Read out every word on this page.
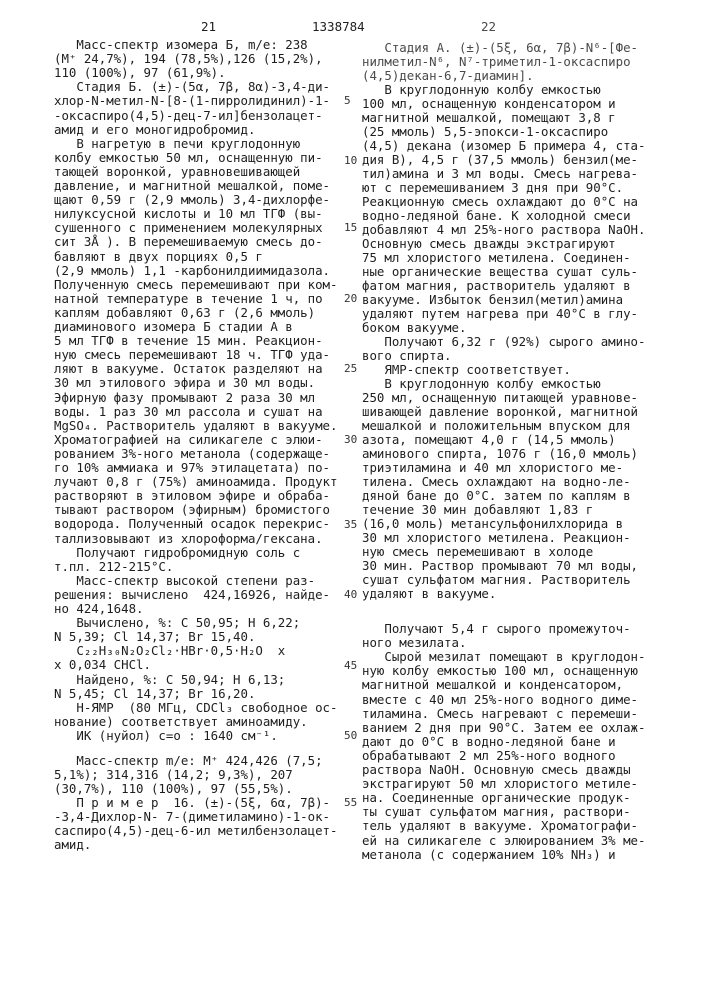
21	1338784	22
Масс-спектр изомера Б, m/e: 238
(M⁺ 24,7%), 194 (78,5%),126 (15,2%),
110 (100%), 97 (61,9%).
Стадия Б. (±)-(5α, 7β, 8α)-3,4-ди-
хлор-N-метил-N-[8-(1-пирролидинил)-1-
-оксаспиро(4,5)-дец-7-ил]бензолацет-
амид и его моногидробромид.
В нагретую в печи круглодонную
колбу емкостью 50 мл, оснащенную пи-
тающей воронкой, уравновешивающей
давление, и магнитной мешалкой, поме-
щают 0,59 г (2,9 ммоль) 3,4-дихлорфе-
нилуксусной кислоты и 10 мл ТГФ (вы-
сушенного с применением молекулярных
сит 3Å ). В перемешиваемую смесь до-
бавляют в двух порциях 0,5 г
(2,9 ммоль) 1,1 -карбонилдиимидазола.
Полученную смесь перемешивают при ком-
натной температуре в течение 1 ч, по
каплям добавляют 0,63 г (2,6 ммоль)
диаминового изомера Б стадии А в
5 мл ТГФ в течение 15 мин. Реакцион-
ную смесь перемешивают 18 ч. ТГФ уда-
ляют в вакууме. Остаток разделяют на
30 мл этилового эфира и 30 мл воды.
Эфирную фазу промывают 2 раза 30 мл
воды. 1 раз 30 мл рассола и сушат на
MgSO₄. Растворитель удаляют в вакууме.
Хроматографией на силикагеле с элюи-
рованием 3%-ного метанола (содержаще-
го 10% аммиака и 97% этилацетата) по-
лучают 0,8 г (75%) аминоамида. Продукт
растворяют в этиловом эфире и обраба-
тывают раствором (эфирным) бромистого
водорода. Полученный осадок перекрис-
таллизовывают из хлороформа/гексана.
Получают гидробромидную соль с
т.пл. 212-215°C.
Масс-спектр высокой степени раз-
решения: вычислено  424,16926, найде-
но 424,1648.
Вычислено, %: C 50,95; H 6,22;
N 5,39; Cl 14,37; Br 15,40.
C₂₂H₃₀N₂O₂Cl₂·HBr·0,5·H₂O  x
x 0,034 CHCl.
Найдено, %: C 50,94; H 6,13;
N 5,45; Cl 14,37; Br 16,20.
H-ЯМР  (80 МГц, CDCl₃ свободное ос-
нование) соответствует аминоамиду.
ИК (нуйол) c=o : 1640 см⁻¹.
Масс-спектр m/e: M⁺ 424,426 (7,5;
5,1%); 314,316 (14,2; 9,3%), 207
(30,7%), 110 (100%), 97 (55,5%).
П р и м е р  16. (±)-(5ξ, 6α, 7β)-
-3,4-Дихлор-N- 7-(диметиламино)-1-ок-
саспиро(4,5)-дец-6-ил метилбензолацет-
амид.
Стадия А. (±)-(5ξ, 6α, 7β)-N⁶-[Фе-
нилметил-N⁶, N⁷-триметил-1-оксаспиро
(4,5)декан-6,7-диамин].
В круглодонную колбу емкостью
100 мл, оснащенную конденсатором и
магнитной мешалкой, помещают 3,8 г
(25 ммоль) 5,5-эпокси-1-оксаспиро
(4,5) декана (изомер Б примера 4, ста-
дия В), 4,5 г (37,5 ммоль) бензил(ме-
тил)амина и 3 мл воды. Смесь нагрева-
ют с перемешиванием 3 дня при 90°C.
Реакционную смесь охлаждают до 0°C на
водно-ледяной бане. К холодной смеси
добавляют 4 мл 25%-ного раствора NaOH.
Основную смесь дважды экстрагируют
75 мл хлористого метилена. Соединен-
ные органические вещества сушат суль-
фатом магния, растворитель удаляют в
вакууме. Избыток бензил(метил)амина
удаляют путем нагрева при 40°C в глу-
боком вакууме.
Получают 6,32 г (92%) сырого амино-
вого спирта.
ЯМР-спектр соответствует.
В круглодонную колбу емкостью
250 мл, оснащенную питающей уравнове-
шивающей давление воронкой, магнитной
мешалкой и положительным впуском для
азота, помещают 4,0 г (14,5 ммоль)
аминового спирта, 1076 г (16,0 ммоль)
триэтиламина и 40 мл хлористого ме-
тилена. Смесь охлаждают на водно-ле-
дяной бане до 0°C. затем по каплям в
течение 30 мин добавляют 1,83 г
(16,0 моль) метансульфонилхлорида в
30 мл хлористого метилена. Реакцион-
ную смесь перемешивают в холоде
30 мин. Раствор промывают 70 мл воды,
сушат сульфатом магния. Растворитель
удаляют в вакууме.
Получают 5,4 г сырого промежуточ-
ного мезилата.
Сырой мезилат помещают в круглодон-
ную колбу емкостью 100 мл, оснащенную
магнитной мешалкой и конденсатором,
вместе с 40 мл 25%-ного водного диме-
тиламина. Смесь нагревают с перемеши-
ванием 2 дня при 90°C. Затем ее охлаж-
дают до 0°C в водно-ледяной бане и
обрабатывают 2 мл 25%-ного водного
раствора NaOH. Основную смесь дважды
экстрагируют 50 мл хлористого метиле-
на. Соединенные органические продук-
ты сушат сульфатом магния, раствори-
тель удаляют в вакууме. Хроматографи-
ей на силикагеле с элюированием 3% ме-
метанола (с содержанием 10% NH₃) и
5
10
15
20
25
30
35
40
45
50
55
